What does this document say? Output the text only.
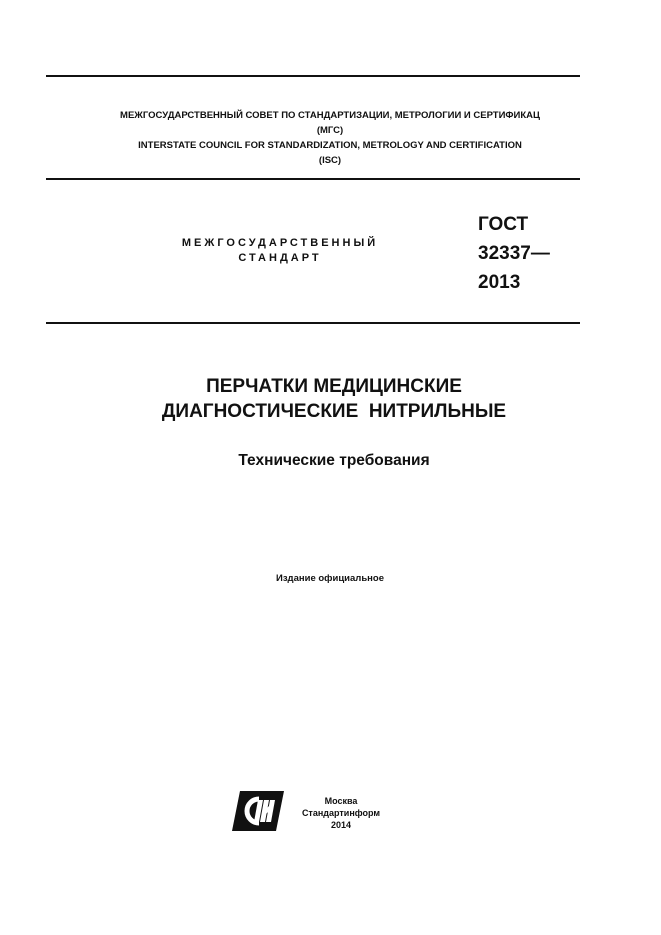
МЕЖГОСУДАРСТВЕННЫЙ СОВЕТ ПО СТАНДАРТИЗАЦИИ, МЕТРОЛОГИИ И СЕРТИФИКАЦ
(МГС)
INTERSTATE COUNCIL FOR STANDARDIZATION, METROLOGY AND CERTIFICATION
(ISC)
МЕЖГОСУДАРСТВЕННЫЙ
СТАНДАРТ
ГОСТ
32337—
2013
ПЕРЧАТКИ МЕДИЦИНСКИЕ
ДИАГНОСТИЧЕСКИЕ  НИТРИЛЬНЫЕ
Технические требования
Издание официальное
Москва
Стандартинформ
2014
